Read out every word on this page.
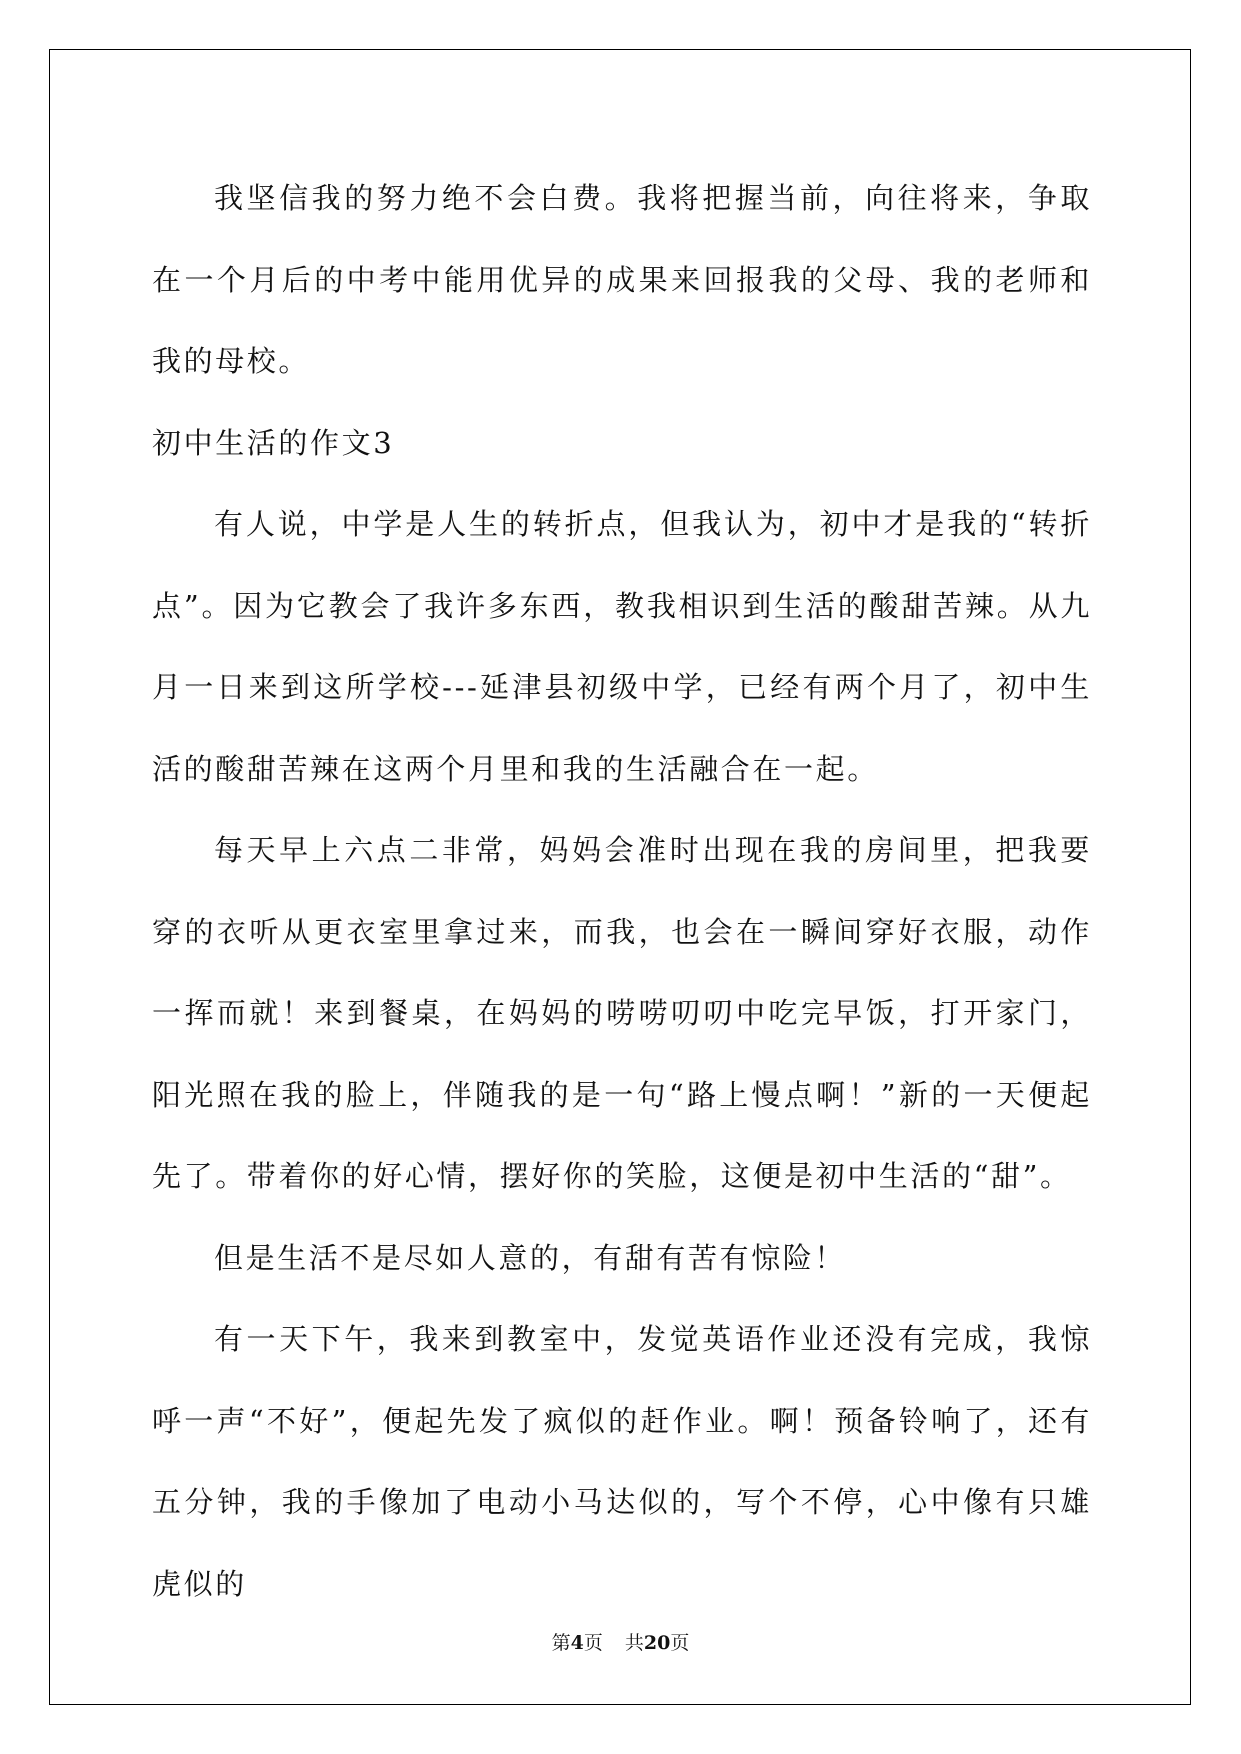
我坚信我的努力绝不会白费。我将把握当前，向往将来，争取在一个月后的中考中能用优异的成果来回报我的父母、我的老师和我的母校。

初中生活的作文3

有人说，中学是人生的转折点，但我认为，初中才是我的“转折点”。因为它教会了我许多东西，教我相识到生活的酸甜苦辣。从九月一日来到这所学校---延津县初级中学，已经有两个月了，初中生活的酸甜苦辣在这两个月里和我的生活融合在一起。

每天早上六点二非常，妈妈会准时出现在我的房间里，把我要穿的衣听从更衣室里拿过来，而我，也会在一瞬间穿好衣服，动作一挥而就！来到餐桌，在妈妈的唠唠叨叨中吃完早饭，打开家门，阳光照在我的脸上，伴随我的是一句“路上慢点啊！”新的一天便起先了。带着你的好心情，摆好你的笑脸，这便是初中生活的“甜”。

但是生活不是尽如人意的，有甜有苦有惊险！

有一天下午，我来到教室中，发觉英语作业还没有完成，我惊呼一声“不好”，便起先发了疯似的赶作业。啊！预备铃响了，还有五分钟，我的手像加了电动小马达似的，写个不停，心中像有只雄虎似的

第4页 共20页
